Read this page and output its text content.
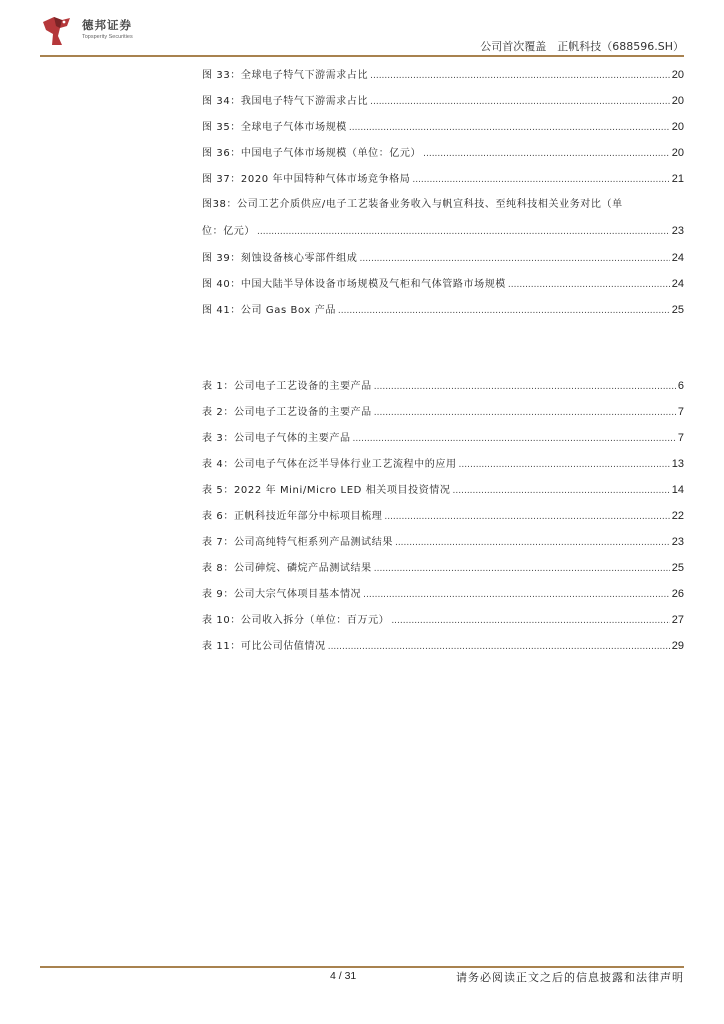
德邦证券
Topsperity Securities
公司首次覆盖　正帆科技（688596.SH）
图 33：全球电子特气下游需求占比 .....	20
图 34：我国电子特气下游需求占比 .....	20
图 35：全球电子气体市场规模 .....	20
图 36：中国电子气体市场规模（单位：亿元） .....	20
图 37：2020 年中国特种气体市场竞争格局 .....	21
图38：公司工艺介质供应/电子工艺装备业务收入与帆宣科技、至纯科技相关业务对比（单
位：亿元） .....	23
图 39：刻蚀设备核心零部件组成 .....	24
图 40：中国大陆半导体设备市场规模及气柜和气体管路市场规模 .....	24
图 41：公司 Gas Box 产品 .....	25
表 1：公司电子工艺设备的主要产品 .....	6
表 2：公司电子工艺设备的主要产品 .....	7
表 3：公司电子气体的主要产品 .....	7
表 4：公司电子气体在泛半导体行业工艺流程中的应用 .....	13
表 5：2022 年 Mini/Micro LED 相关项目投资情况 .....	14
表 6：正帆科技近年部分中标项目梳理 .....	22
表 7：公司高纯特气柜系列产品测试结果 .....	23
表 8：公司砷烷、磷烷产品测试结果 .....	25
表 9：公司大宗气体项目基本情况 .....	26
表 10：公司收入拆分（单位：百万元） .....	27
表 11：可比公司估值情况 .....	29
4 / 31	请务必阅读正文之后的信息披露和法律声明
